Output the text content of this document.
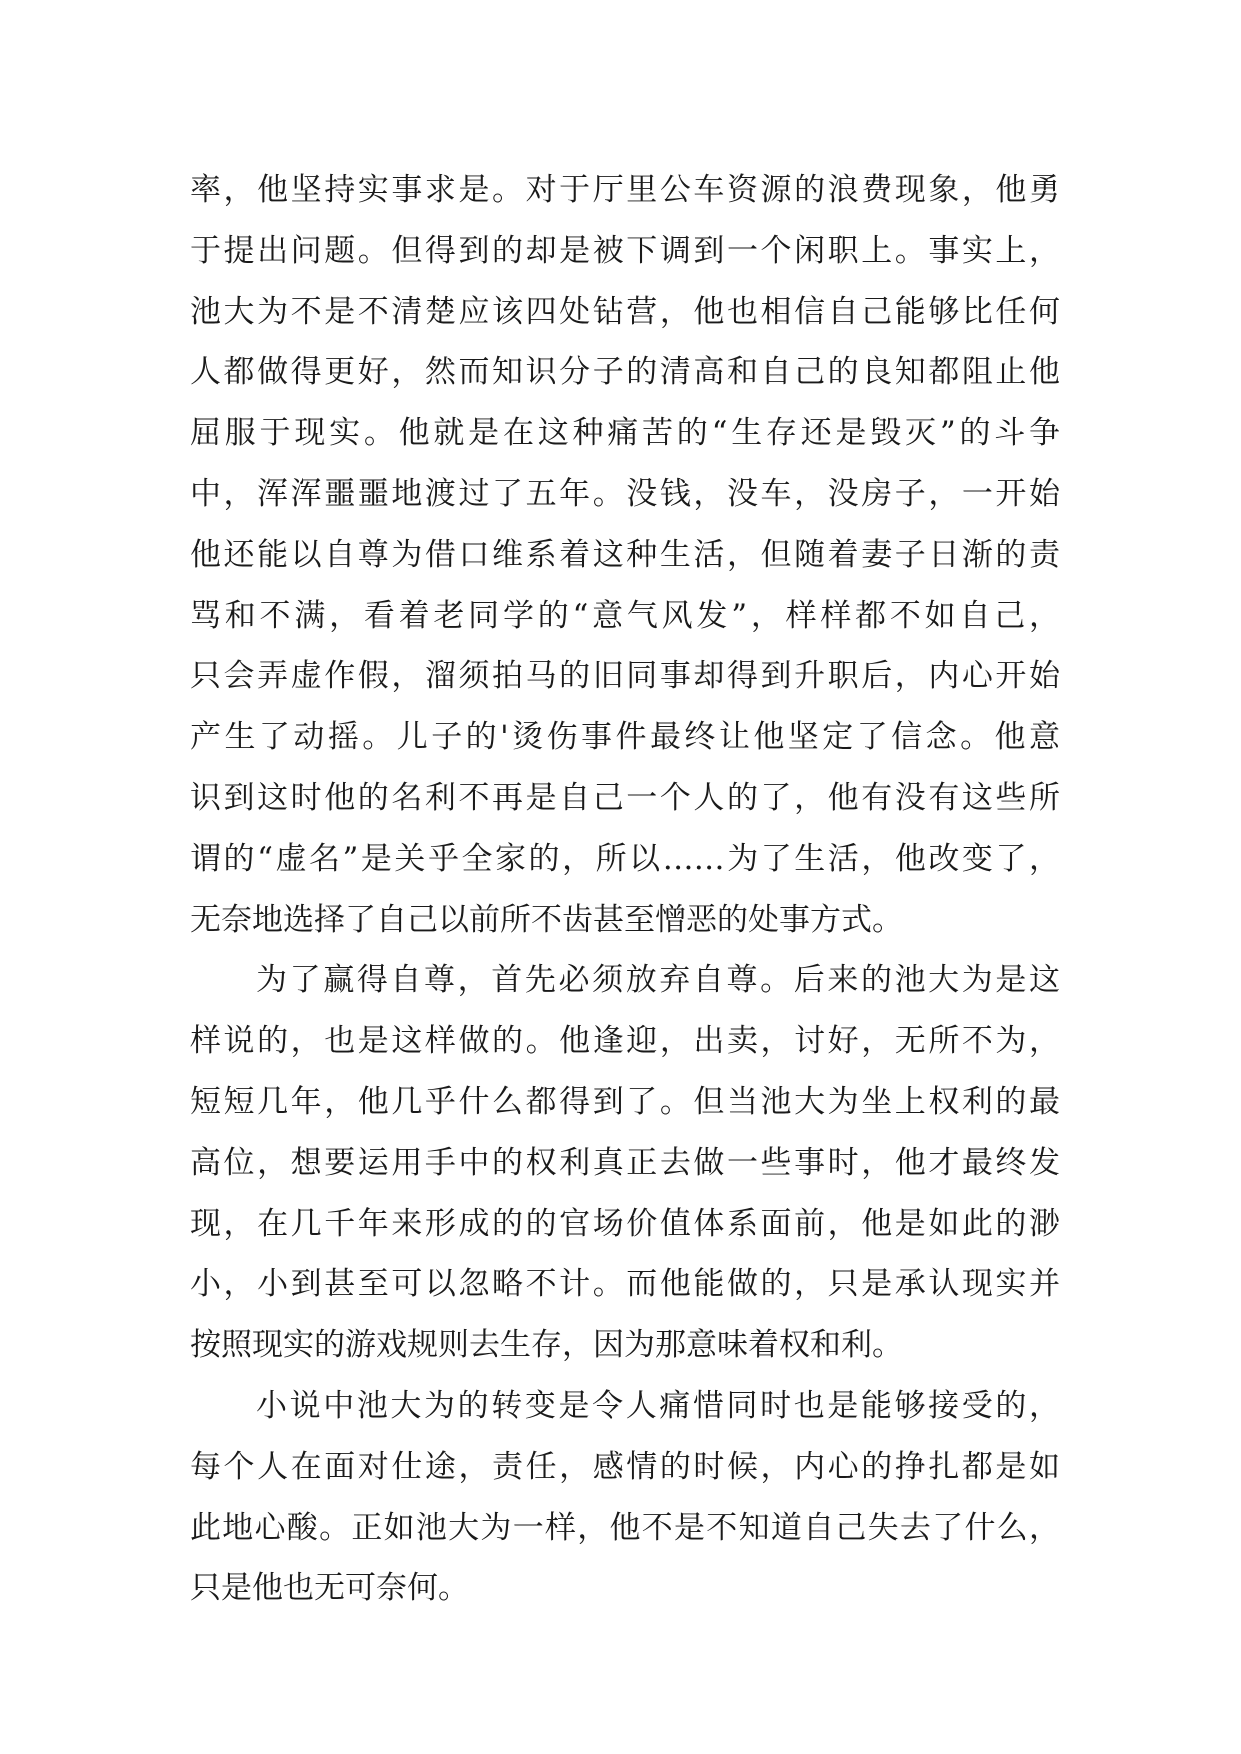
率，他坚持实事求是。对于厅里公车资源的浪费现象，他勇
于提出问题。但得到的却是被下调到一个闲职上。事实上，
池大为不是不清楚应该四处钻营，他也相信自己能够比任何
人都做得更好，然而知识分子的清高和自己的良知都阻止他
屈服于现实。他就是在这种痛苦的“生存还是毁灭”的斗争
中，浑浑噩噩地渡过了五年。没钱，没车，没房子，一开始
他还能以自尊为借口维系着这种生活，但随着妻子日渐的责
骂和不满，看着老同学的“意气风发”，样样都不如自己，
只会弄虚作假，溜须拍马的旧同事却得到升职后，内心开始
产生了动摇。儿子的'烫伤事件最终让他坚定了信念。他意
识到这时他的名利不再是自己一个人的了，他有没有这些所
谓的“虚名”是关乎全家的，所以……为了生活，他改变了，
无奈地选择了自己以前所不齿甚至憎恶的处事方式。
为了赢得自尊，首先必须放弃自尊。后来的池大为是这
样说的，也是这样做的。他逢迎，出卖，讨好，无所不为，
短短几年，他几乎什么都得到了。但当池大为坐上权利的最
高位，想要运用手中的权利真正去做一些事时，他才最终发
现，在几千年来形成的的官场价值体系面前，他是如此的渺
小，小到甚至可以忽略不计。而他能做的，只是承认现实并
按照现实的游戏规则去生存，因为那意味着权和利。
小说中池大为的转变是令人痛惜同时也是能够接受的，
每个人在面对仕途，责任，感情的时候，内心的挣扎都是如
此地心酸。正如池大为一样，他不是不知道自己失去了什么，
只是他也无可奈何。
